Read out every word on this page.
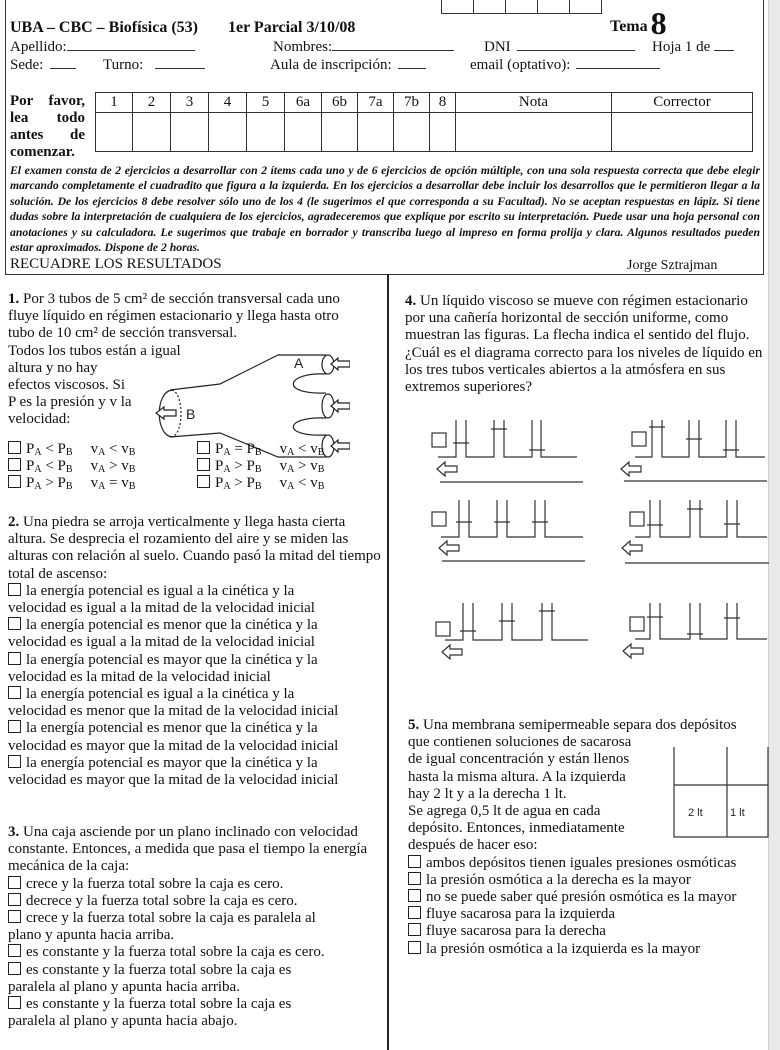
UBA – CBC – Biofísica (53) 1er Parcial 3/10/08	Tema8
Apellido:	Nombres:	DNI	Hoja 1 de
Sede:	Turno:	Aula de inscripción:	email (optativo):
Por favor,
lea todo
antes de
comenzar.
1	2	3	4	5	6a	6b	7a	7b	8	Nota	Corrector

El examen consta de 2 ejercicios a desarrollar con 2 ítems cada uno y de 6 ejercicios de opción múltiple, con una sola respuesta correcta que debe elegir marcando completamente el cuadradito que figura a la izquierda. En los ejercicios a desarrollar debe incluir los desarrollos que le permitieron llegar a la solución. De los ejercicios 8 debe resolver sólo uno de los 4 (le sugerimos el que corresponda a su Facultad). No se aceptan respuestas en lápiz. Si tiene dudas sobre la interpretación de cualquiera de los ejercicios, agradeceremos que explique por escrito su interpretación. Puede usar una hoja personal con anotaciones y su calculadora. Le sugerimos que trabaje en borrador y transcriba luego al impreso en forma prolija y clara. Algunos resultados pueden estar aproximados. Dispone de 2 horas.
RECUADRE LOS RESULTADOS	Jorge Sztrajman
1. Por 3 tubos de 5 cm² de sección transversal cada uno
fluye líquido en régimen estacionario y llega hasta otro
tubo de 10 cm² de sección transversal.
Todos los tubos están a igual
altura y no hay
efectos viscosos. Si
P es la presión y v la
velocidad:
A
B
$P_A < P_B$ $v_A < v_B$
$P_A < P_B$ $v_A > v_B$
$P_A > P_B$ $v_A = v_B$
$P_A = P_B$ $v_A < v_B$
$P_A > P_B$ $v_A > v_B$
$P_A > P_B$ $v_A < v_B$
2. Una piedra se arroja verticalmente y llega hasta cierta altura. Se desprecia el rozamiento del aire y se miden las alturas con relación al suelo. Cuando pasó la mitad del tiempo total de ascenso:
la energía potencial es igual a la cinética y la
velocidad es igual a la mitad de la velocidad inicial
la energía potencial es menor que la cinética y la
velocidad es igual a la mitad de la velocidad inicial
la energía potencial es mayor que la cinética y la
velocidad es la mitad de la velocidad inicial
la energía potencial es igual a la cinética y la
velocidad es menor que la mitad de la velocidad inicial
la energía potencial es menor que la cinética y la
velocidad es mayor que la mitad de la velocidad inicial
la energía potencial es mayor que la cinética y la
velocidad es mayor que la mitad de la velocidad inicial
3. Una caja asciende por un plano inclinado con velocidad constante. Entonces, a medida que pasa el tiempo la energía mecánica de la caja:
crece y la fuerza total sobre la caja es cero.
decrece y la fuerza total sobre la caja es cero.
crece y la fuerza total sobre la caja es paralela al
plano y apunta hacia arriba.
es constante y la fuerza total sobre la caja es cero.
es constante y la fuerza total sobre la caja es
paralela al plano y apunta hacia arriba.
es constante y la fuerza total sobre la caja es
paralela al plano y apunta hacia abajo.
4. Un líquido viscoso se mueve con régimen estacionario por una cañería horizontal de sección uniforme, como muestran las figuras. La flecha indica el sentido del flujo. ¿Cuál es el diagrama correcto para los niveles de líquido en los tres tubos verticales abiertos a la atmósfera en sus extremos superiores?
5. Una membrana semipermeable separa dos depósitos
que contienen soluciones de sacarosa
de igual concentración y están llenos
hasta la misma altura. A la izquierda
hay 2 lt y a la derecha 1 lt.
Se agrega 0,5 lt de agua en cada
depósito. Entonces, inmediatamente
después de hacer eso:
ambos depósitos tienen iguales presiones osmóticas
la presión osmótica a la derecha es la mayor
no se puede saber qué presión osmótica es la mayor
fluye sacarosa para la izquierda
fluye sacarosa para la derecha
la presión osmótica a la izquierda es la mayor
2 lt 1 lt
